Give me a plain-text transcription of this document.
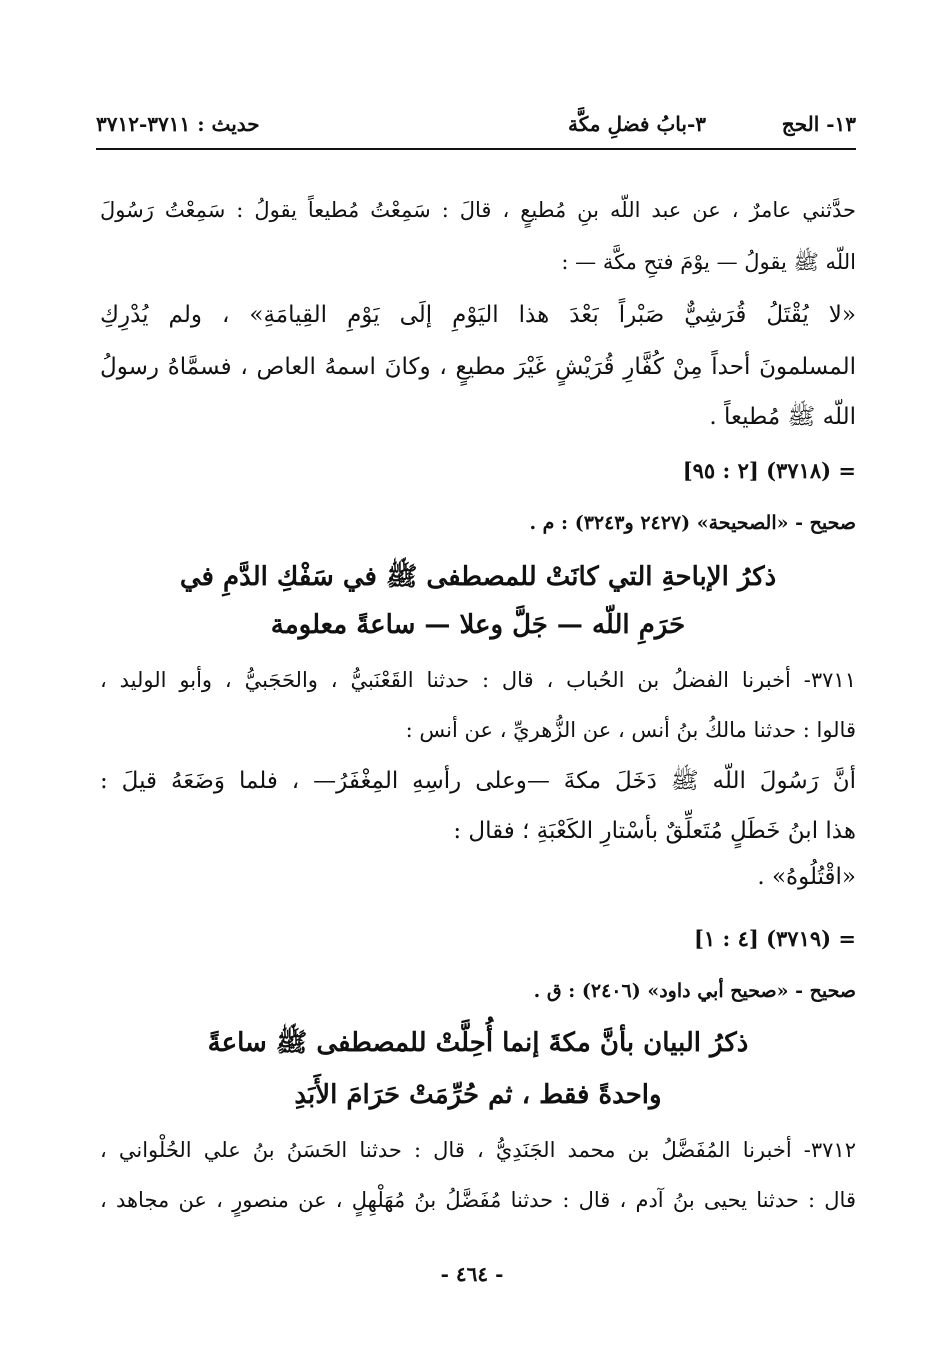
١٣- الحج
٣-بابُ فضلِ مكَّة
حديث : ٣٧١١-٣٧١٢
حدَّثني عامرٌ ، عن عبد اللّه بنِ مُطيعٍ ، قالَ : سَمِعْتُ مُطيعاً يقولُ : سَمِعْتُ رَسُولَ
اللّه ﷺ يقولُ — يوْمَ فتحِ مكَّة — :
«لا يُقْتَلُ قُرَشِيٌّ صَبْراً بَعْدَ هذا اليَوْمِ إلَى يَوْمِ القِيامَةِ» ، ولم يُدْرِكِ
المسلمونَ أحداً مِنْ كُفَّارِ قُرَيْشٍ غَيْرَ مطيعٍ ، وكانَ اسمهُ العاص ، فسمَّاهُ رسولُ
اللّه ﷺ مُطيعاً .
= (٣٧١٨) [٢ : ٩٥]
صحيح - «الصحيحة» (٢٤٢٧ و٣٢٤٣) : م .
ذكرُ الإباحةِ التي كانَتْ للمصطفى ﷺ في سَفْكِ الدَّمِ في
حَرَمِ اللّه — جَلَّ وعلا — ساعةً معلومة
٣٧١١- أخبرنا الفضلُ بن الحُباب ، قال : حدثنا القَعْنَبيُّ ، والحَجَبيُّ ، وأبو الوليد ،
قالوا : حدثنا مالكُ بنُ أنس ، عن الزُّهريِّ ، عن أنس :
أنَّ رَسُولَ اللّه ﷺ دَخَلَ مكةَ —وعلى رأسِهِ المِغْفَرُ— ، فلما وَضَعَهُ قيلَ :
هذا ابنُ خَطَلٍ مُتَعلِّقٌ بأسْتارِ الكَعْبَةِ ؛ فقال :
«اقْتُلُوهُ» .
= (٣٧١٩) [٤ : ١]
صحيح - «صحيح أبي داود» (٢٤٠٦) : ق .
ذكرُ البيان بأنَّ مكةَ إنما أُحِلَّتْ للمصطفى ﷺ ساعةً
واحدةً فقط ، ثم حُرِّمَتْ حَرَامَ الأَبَدِ
٣٧١٢- أخبرنا المُفَضَّلُ بن محمد الجَنَدِيُّ ، قال : حدثنا الحَسَنُ بنُ علي الحُلْواني ،
قال : حدثنا يحيى بنُ آدم ، قال : حدثنا مُفَضَّلُ بنُ مُهَلْهِلٍ ، عن منصورٍ ، عن مجاهد ،
- ٤٦٤ -
